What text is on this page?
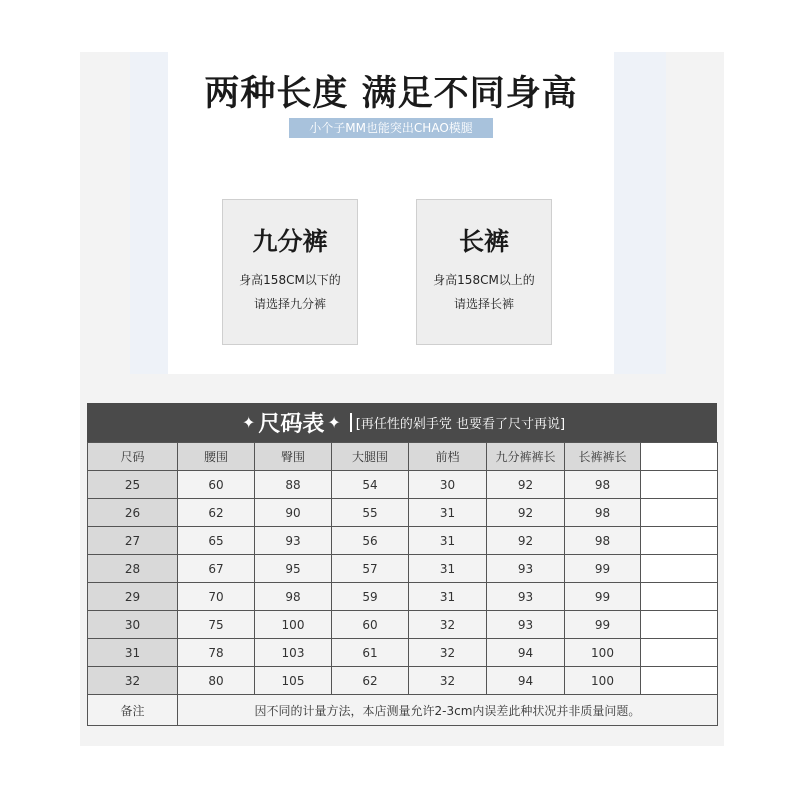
两种长度 满足不同身高
小个子MM也能突出CHAO模腿
九分裤
身高158CM以下的
请选择九分裤
长裤
身高158CM以上的
请选择长裤
✦ 尺码表 ✦	[再任性的剁手党 也要看了尺寸再说]
尺码	腰围	臀围	大腿围	前档	九分裤裤长	长裤裤长	
25	60	88	54	30	92	98	
26	62	90	55	31	92	98	
27	65	93	56	31	92	98	
28	67	95	57	31	93	99	
29	70	98	59	31	93	99	
30	75	100	60	32	93	99	
31	78	103	61	32	94	100	
32	80	105	62	32	94	100	
备注	因不同的计量方法，本店测量允许2-3cm内误差此种状况并非质量问题。						
